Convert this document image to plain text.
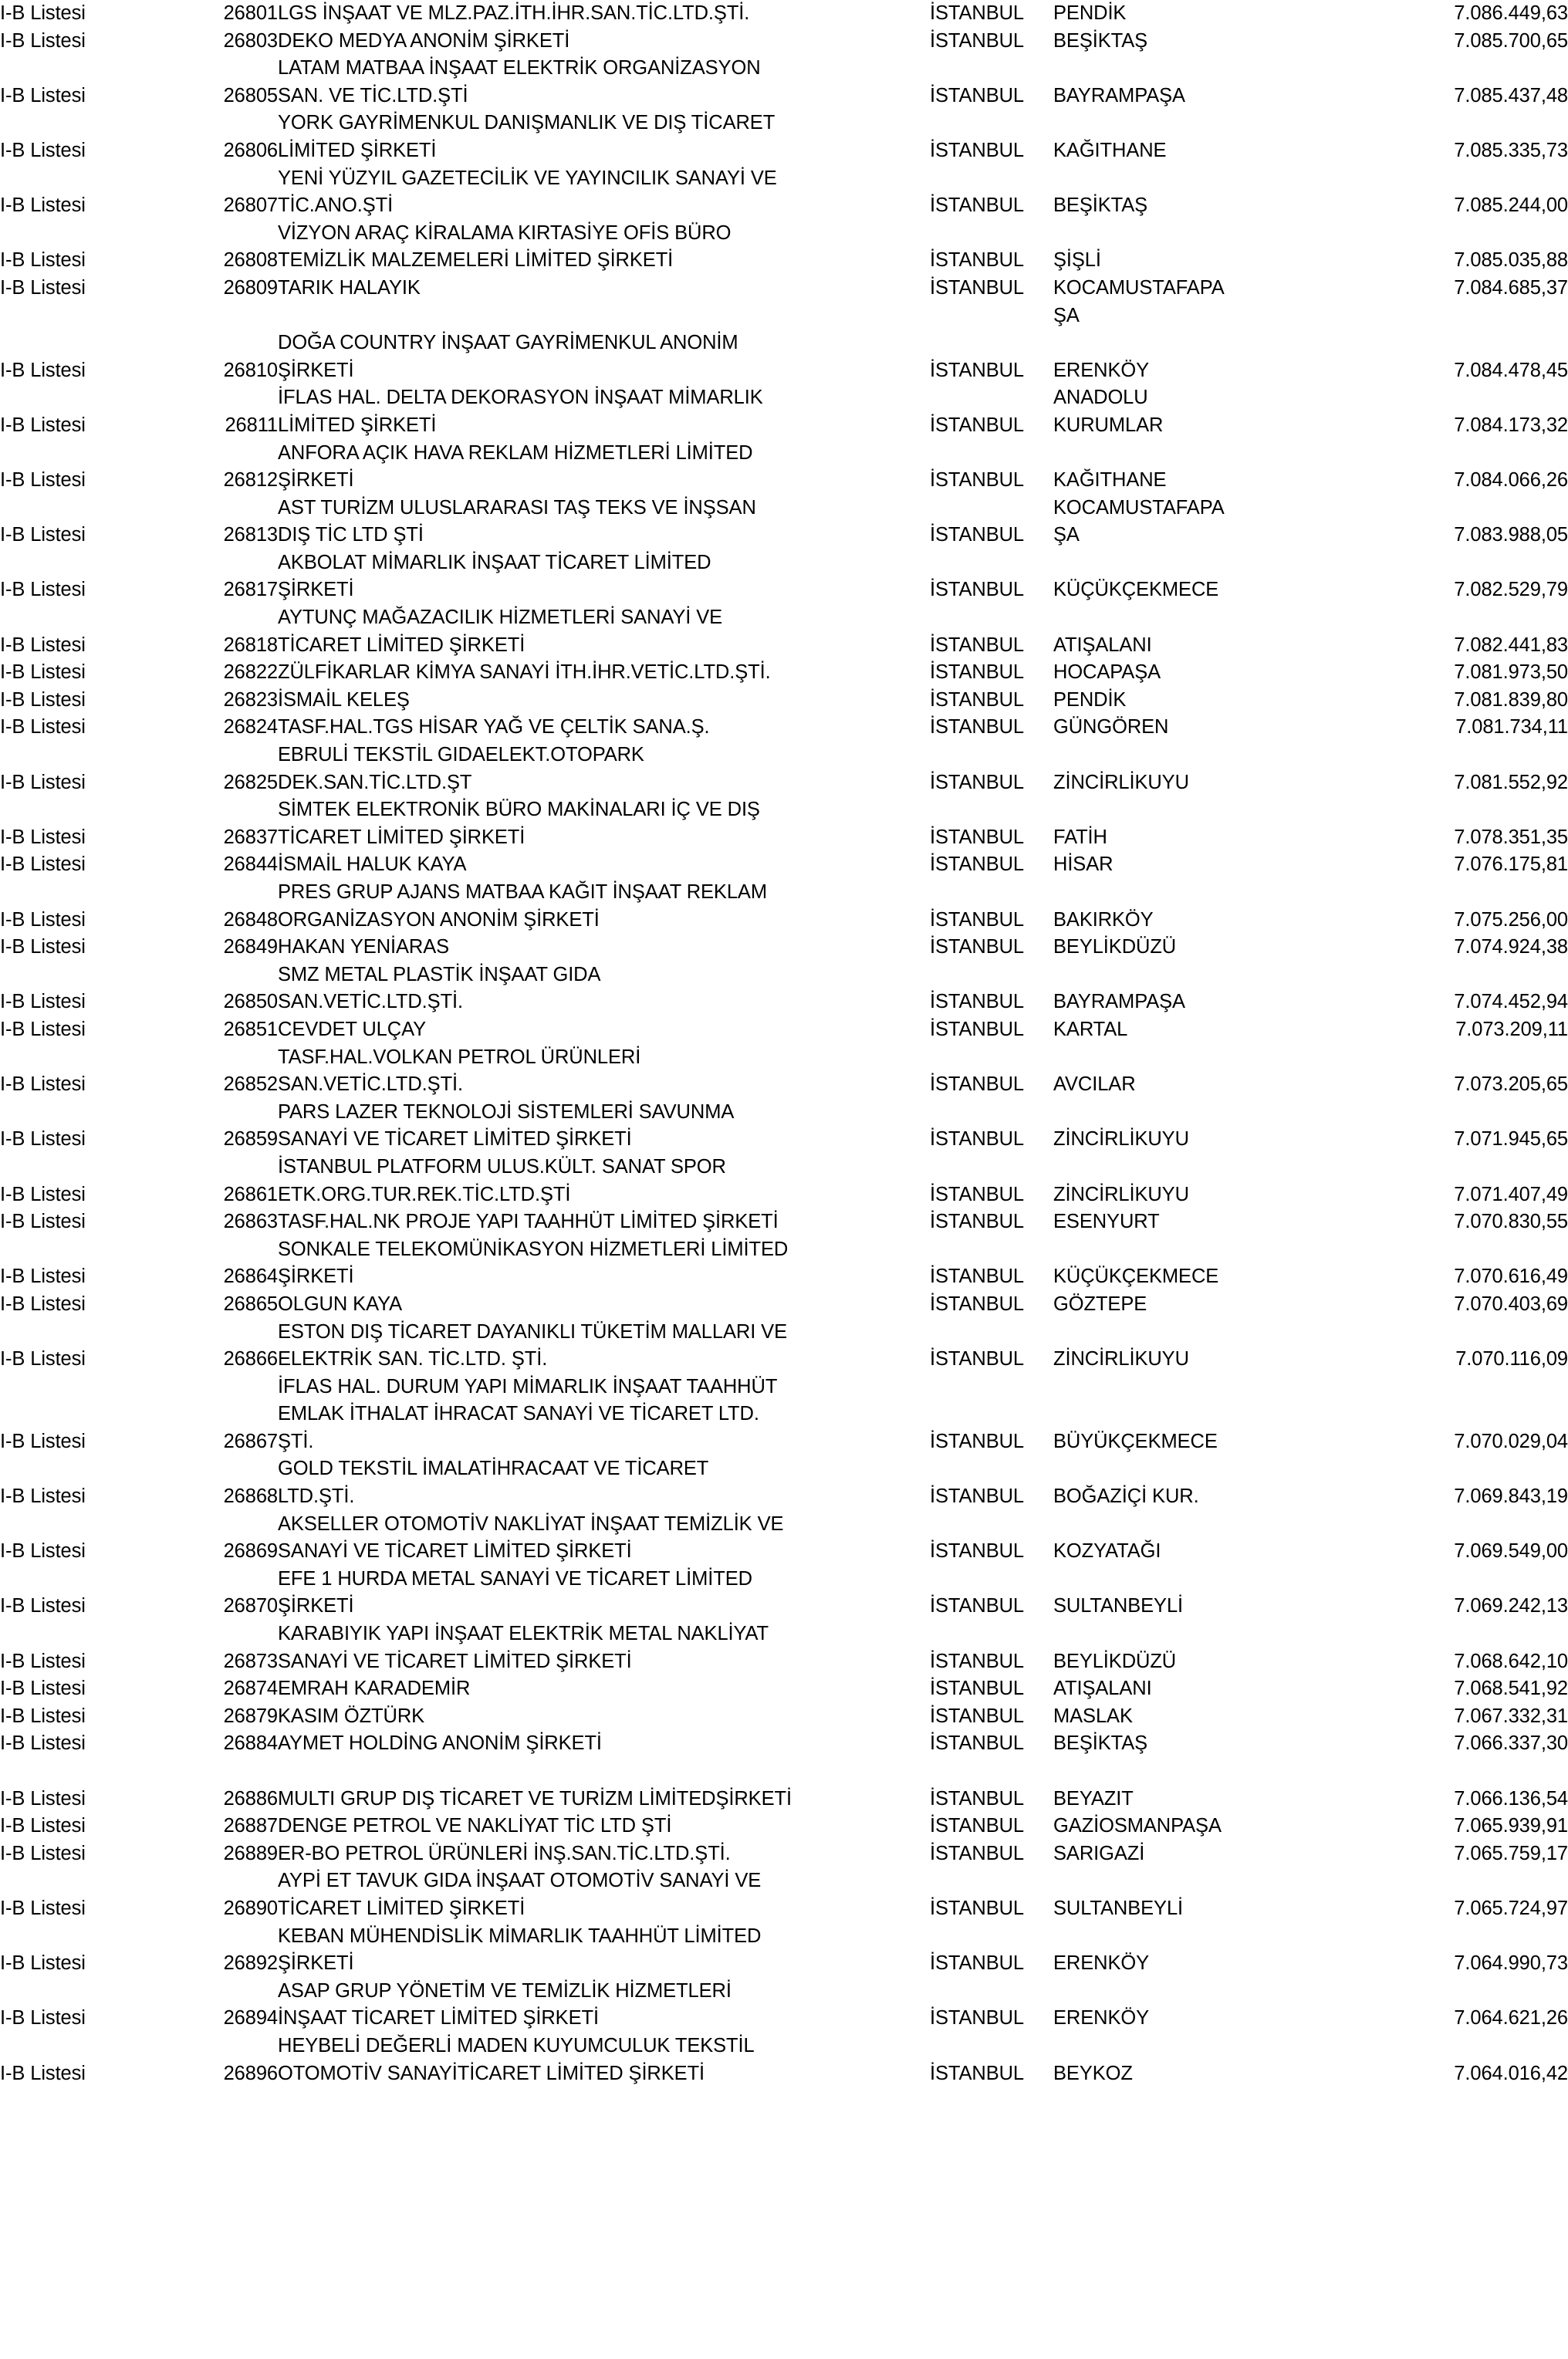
I-B Listesi	26801	LGS İNŞAAT VE MLZ.PAZ.İTH.İHR.SAN.TİC.LTD.ŞTİ.	İSTANBUL	PENDİK	7.086.449,63

I-B Listesi	26803	DEKO MEDYA ANONİM ŞİRKETİ	İSTANBUL	BEŞİKTAŞ	7.085.700,65

I-B Listesi	26805	LATAM MATBAA İNŞAAT ELEKTRİK ORGANİZASYON
SAN. VE TİC.LTD.ŞTİ	İSTANBUL	BAYRAMPAŞA	7.085.437,48

I-B Listesi	26806	YORK GAYRİMENKUL DANIŞMANLIK VE DIŞ TİCARET
LİMİTED ŞİRKETİ	İSTANBUL	KAĞITHANE	7.085.335,73

I-B Listesi	26807	YENİ YÜZYIL GAZETECİLİK VE YAYINCILIK SANAYİ VE
TİC.ANO.ŞTİ	İSTANBUL	BEŞİKTAŞ	7.085.244,00

I-B Listesi	26808	VİZYON ARAÇ KİRALAMA KIRTASİYE OFİS BÜRO
TEMİZLİK MALZEMELERİ LİMİTED ŞİRKETİ	İSTANBUL	ŞİŞLİ	7.085.035,88

I-B Listesi	26809	TARIK HALAYIK	İSTANBUL	KOCAMUSTAFAPA
ŞA	7.084.685,37

I-B Listesi	26810	DOĞA COUNTRY İNŞAAT GAYRİMENKUL ANONİM
ŞİRKETİ	İSTANBUL	ERENKÖY	7.084.478,45

I-B Listesi	26811	İFLAS HAL. DELTA DEKORASYON İNŞAAT MİMARLIK
LİMİTED ŞİRKETİ	İSTANBUL	ANADOLU
KURUMLAR	7.084.173,32

I-B Listesi	26812	ANFORA AÇIK HAVA REKLAM HİZMETLERİ LİMİTED
ŞİRKETİ	İSTANBUL	KAĞITHANE	7.084.066,26

I-B Listesi	26813	AST TURİZM ULUSLARARASI TAŞ TEKS VE İNŞSAN
DIŞ TİC LTD ŞTİ	İSTANBUL	KOCAMUSTAFAPA
ŞA	7.083.988,05

I-B Listesi	26817	AKBOLAT MİMARLIK İNŞAAT TİCARET LİMİTED
ŞİRKETİ	İSTANBUL	KÜÇÜKÇEKMECE	7.082.529,79

I-B Listesi	26818	AYTUNÇ MAĞAZACILIK HİZMETLERİ SANAYİ VE
TİCARET LİMİTED ŞİRKETİ	İSTANBUL	ATIŞALANI	7.082.441,83

I-B Listesi	26822	ZÜLFİKARLAR KİMYA SANAYİ İTH.İHR.VETİC.LTD.ŞTİ.	İSTANBUL	HOCAPAŞA	7.081.973,50

I-B Listesi	26823	İSMAİL KELEŞ	İSTANBUL	PENDİK	7.081.839,80

I-B Listesi	26824	TASF.HAL.TGS HİSAR YAĞ VE ÇELTİK SANA.Ş.	İSTANBUL	GÜNGÖREN	7.081.734,11

I-B Listesi	26825	EBRULİ TEKSTİL GIDAELEKT.OTOPARK
DEK.SAN.TİC.LTD.ŞT	İSTANBUL	ZİNCİRLİKUYU	7.081.552,92

I-B Listesi	26837	SİMTEK ELEKTRONİK BÜRO MAKİNALARI İÇ VE DIŞ
TİCARET LİMİTED ŞİRKETİ	İSTANBUL	FATİH	7.078.351,35

I-B Listesi	26844	İSMAİL HALUK KAYA	İSTANBUL	HİSAR	7.076.175,81

I-B Listesi	26848	PRES GRUP AJANS MATBAA KAĞIT İNŞAAT REKLAM
ORGANİZASYON ANONİM ŞİRKETİ	İSTANBUL	BAKIRKÖY	7.075.256,00

I-B Listesi	26849	HAKAN YENİARAS	İSTANBUL	BEYLİKDÜZÜ	7.074.924,38

I-B Listesi	26850	SMZ METAL PLASTİK İNŞAAT GIDA
SAN.VETİC.LTD.ŞTİ.	İSTANBUL	BAYRAMPAŞA	7.074.452,94

I-B Listesi	26851	CEVDET ULÇAY	İSTANBUL	KARTAL	7.073.209,11

I-B Listesi	26852	TASF.HAL.VOLKAN PETROL ÜRÜNLERİ
SAN.VETİC.LTD.ŞTİ.	İSTANBUL	AVCILAR	7.073.205,65

I-B Listesi	26859	PARS LAZER TEKNOLOJİ SİSTEMLERİ SAVUNMA
SANAYİ VE TİCARET LİMİTED ŞİRKETİ	İSTANBUL	ZİNCİRLİKUYU	7.071.945,65

I-B Listesi	26861	İSTANBUL PLATFORM ULUS.KÜLT. SANAT SPOR
ETK.ORG.TUR.REK.TİC.LTD.ŞTİ	İSTANBUL	ZİNCİRLİKUYU	7.071.407,49

I-B Listesi	26863	TASF.HAL.NK PROJE YAPI TAAHHÜT LİMİTED ŞİRKETİ	İSTANBUL	ESENYURT	7.070.830,55

I-B Listesi	26864	SONKALE TELEKOMÜNİKASYON HİZMETLERİ LİMİTED
ŞİRKETİ	İSTANBUL	KÜÇÜKÇEKMECE	7.070.616,49

I-B Listesi	26865	OLGUN KAYA	İSTANBUL	GÖZTEPE	7.070.403,69

I-B Listesi	26866	ESTON DIŞ TİCARET DAYANIKLI TÜKETİM MALLARI VE
ELEKTRİK SAN. TİC.LTD. ŞTİ.	İSTANBUL	ZİNCİRLİKUYU	7.070.116,09

I-B Listesi	26867	İFLAS HAL. DURUM YAPI MİMARLIK İNŞAAT TAAHHÜT
EMLAK İTHALAT İHRACAT SANAYİ VE TİCARET LTD.
ŞTİ.	İSTANBUL	BÜYÜKÇEKMECE	7.070.029,04

I-B Listesi	26868	GOLD TEKSTİL İMALATİHRACAAT VE TİCARET
LTD.ŞTİ.	İSTANBUL	BOĞAZİÇİ KUR.	7.069.843,19

I-B Listesi	26869	AKSELLER OTOMOTİV NAKLİYAT İNŞAAT TEMİZLİK VE
SANAYİ VE TİCARET LİMİTED ŞİRKETİ	İSTANBUL	KOZYATAĞI	7.069.549,00

I-B Listesi	26870	EFE 1 HURDA METAL SANAYİ VE TİCARET LİMİTED
ŞİRKETİ	İSTANBUL	SULTANBEYLİ	7.069.242,13

I-B Listesi	26873	KARABIYIK YAPI İNŞAAT ELEKTRİK METAL NAKLİYAT
SANAYİ VE TİCARET LİMİTED ŞİRKETİ	İSTANBUL	BEYLİKDÜZÜ	7.068.642,10

I-B Listesi	26874	EMRAH KARADEMİR	İSTANBUL	ATIŞALANI	7.068.541,92

I-B Listesi	26879	KASIM ÖZTÜRK	İSTANBUL	MASLAK	7.067.332,31

I-B Listesi	26884	AYMET HOLDİNG ANONİM ŞİRKETİ	İSTANBUL	BEŞİKTAŞ	7.066.337,30

I-B Listesi	26886	MULTI GRUP DIŞ TİCARET VE TURİZM LİMİTEDŞİRKETİ	İSTANBUL	BEYAZIT	7.066.136,54

I-B Listesi	26887	DENGE PETROL VE NAKLİYAT TİC LTD ŞTİ	İSTANBUL	GAZİOSMANPAŞA	7.065.939,91

I-B Listesi	26889	ER-BO PETROL ÜRÜNLERİ İNŞ.SAN.TİC.LTD.ŞTİ.	İSTANBUL	SARIGAZİ	7.065.759,17

I-B Listesi	26890	AYPİ ET TAVUK GIDA İNŞAAT OTOMOTİV SANAYİ VE
TİCARET LİMİTED ŞİRKETİ	İSTANBUL	SULTANBEYLİ	7.065.724,97

I-B Listesi	26892	KEBAN MÜHENDİSLİK MİMARLIK TAAHHÜT LİMİTED
ŞİRKETİ	İSTANBUL	ERENKÖY	7.064.990,73

I-B Listesi	26894	ASAP GRUP YÖNETİM VE TEMİZLİK HİZMETLERİ
İNŞAAT TİCARET LİMİTED ŞİRKETİ	İSTANBUL	ERENKÖY	7.064.621,26

I-B Listesi	26896	HEYBELİ DEĞERLİ MADEN KUYUMCULUK TEKSTİL
OTOMOTİV SANAYİTİCARET LİMİTED ŞİRKETİ	İSTANBUL	BEYKOZ	7.064.016,42
